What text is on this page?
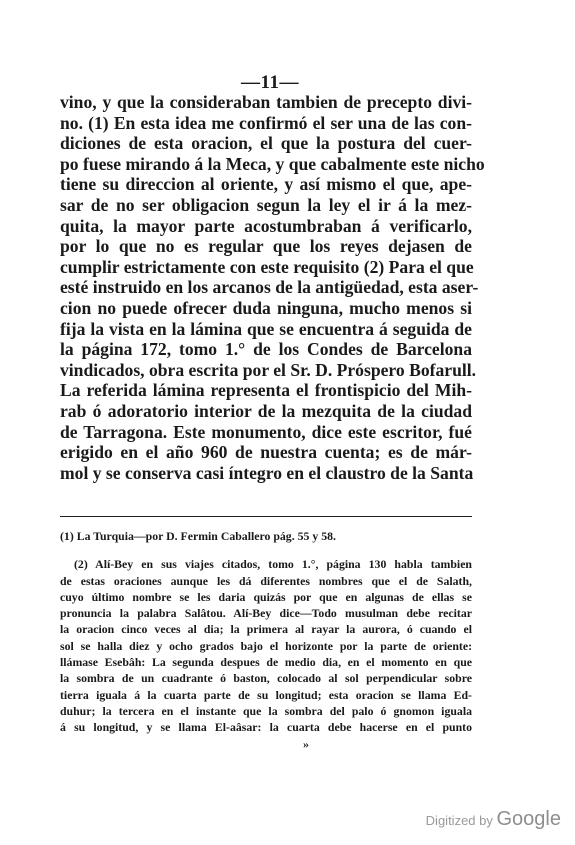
—11—
vino, y que la consideraban tambien de precepto divi-
no. (1) En esta idea me confirmó el ser una de las con-
diciones de esta oracion, el que la postura del cuer-
po fuese mirando á la Meca, y que cabalmente este nicho
tiene su direccion al oriente, y así mismo el que, ape-
sar de no ser obligacion segun la ley el ir á la mez-
quita, la mayor parte acostumbraban á verificarlo,
por lo que no es regular que los reyes dejasen de
cumplir estrictamente con este requisito (2) Para el que
esté instruido en los arcanos de la antigüedad, esta aser-
cion no puede ofrecer duda ninguna, mucho menos si
fija la vista en la lámina que se encuentra á seguida de
la página 172, tomo 1.° de los Condes de Barcelona
vindicados, obra escrita por el Sr. D. Próspero Bofarull.
La referida lámina representa el frontispicio del Mih-
rab ó adoratorio interior de la mezquita de la ciudad
de Tarragona. Este monumento, dice este escritor, fué
erigido en el año 960 de nuestra cuenta; es de már-
mol y se conserva casi íntegro en el claustro de la Santa
(1) La Turquia—por D. Fermin Caballero pág. 55 y 58.
(2) Alí-Bey en sus viajes citados, tomo 1.°, página 130 habla tambien
de estas oraciones aunque les dá diferentes nombres que el de Salath,
cuyo último nombre se les daria quizás por que en algunas de ellas se
pronuncia la palabra Salâtou. Alí-Bey dice—Todo musulman debe recitar
la oracion cinco veces al dia; la primera al rayar la aurora, ó cuando el
sol se halla diez y ocho grados bajo el horizonte por la parte de oriente:
llámase Esebâh: La segunda despues de medio dia, en el momento en que
la sombra de un cuadrante ó baston, colocado al sol perpendicular sobre
tierra iguala á la cuarta parte de su longitud; esta oracion se llama Ed-
duhur; la tercera en el instante que la sombra del palo ó gnomon iguala
á su longitud, y se llama El-aâsar: la cuarta debe hacerse en el punto
»
Digitized by Google
